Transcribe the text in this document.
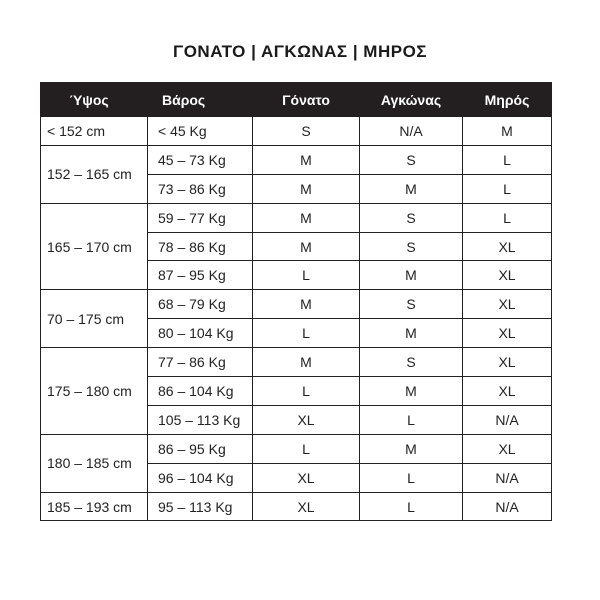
ΓΟΝΑΤΟ | ΑΓΚΩΝΑΣ | ΜΗΡΟΣ
Ύψος	Βάρος	Γόνατο	Αγκώνας	Μηρός
< 152 cm	< 45 Kg	S	N/A	M
152 – 165 cm	45 – 73 Kg	M	S	L
	73 – 86 Kg	M	M	L
165 – 170 cm	59 – 77 Kg	M	S	L
	78 – 86 Kg	M	S	XL
	87 – 95 Kg	L	M	XL
70 – 175 cm	68 – 79 Kg	M	S	XL
	80 – 104 Kg	L	M	XL
175 – 180 cm	77 – 86 Kg	M	S	XL
	86 – 104 Kg	L	M	XL
	105 – 113 Kg	XL	L	N/A
180 – 185 cm	86 – 95 Kg	L	M	XL
	96 – 104 Kg	XL	L	N/A
185 – 193 cm	95 – 113 Kg	XL	L	N/A
